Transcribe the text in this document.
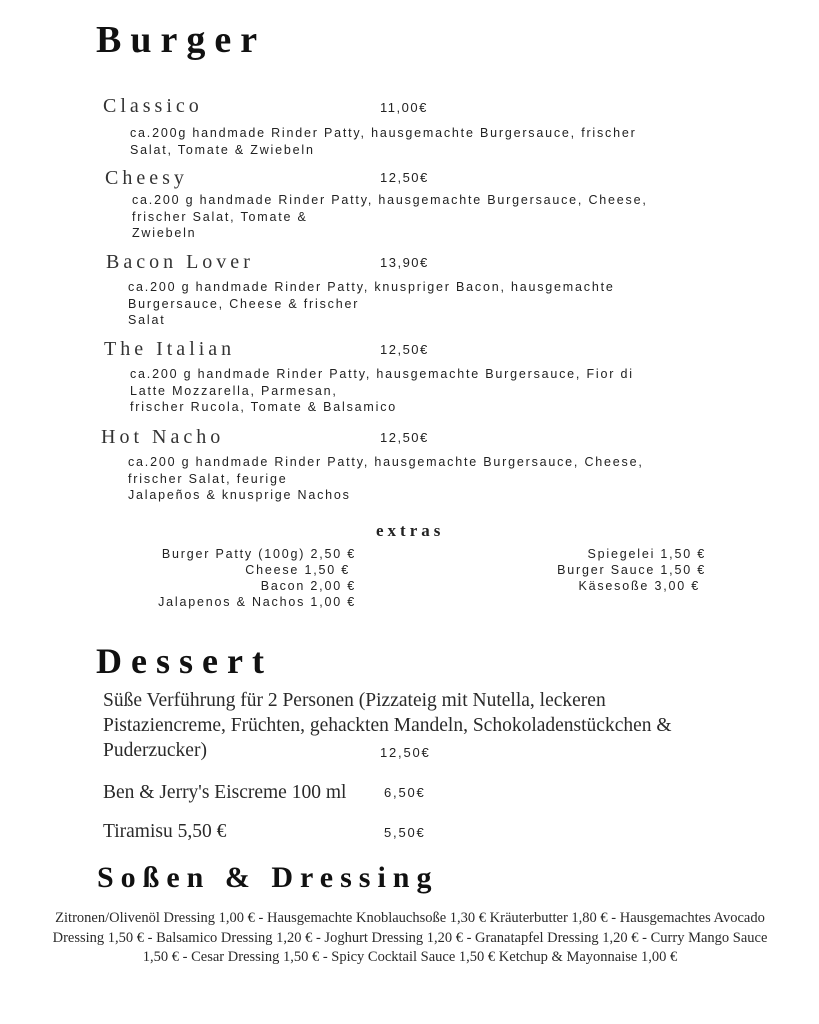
Burger
Classico	11,00€
ca.200g handmade Rinder Patty, hausgemachte Burgersauce, frischer
Salat, Tomate & Zwiebeln
Cheesy	12,50€
ca.200 g handmade Rinder Patty, hausgemachte Burgersauce, Cheese,
frischer Salat, Tomate &
Zwiebeln
Bacon Lover	13,90€
ca.200 g handmade Rinder Patty, knuspriger Bacon, hausgemachte
Burgersauce, Cheese & frischer
Salat
The Italian	12,50€
ca.200 g handmade Rinder Patty, hausgemachte Burgersauce, Fior di
Latte Mozzarella, Parmesan,
frischer Rucola, Tomate & Balsamico
Hot Nacho	12,50€
ca.200 g handmade Rinder Patty, hausgemachte Burgersauce, Cheese,
frischer Salat, feurige
Jalapeños & knusprige Nachos
extras
Burger Patty (100g) 2,50 €
Cheese 1,50 €
Bacon 2,00 €
Jalapenos & Nachos 1,00 €
Spiegelei 1,50 €
Burger Sauce 1,50 €
Käsesoße 3,00 €
Dessert
Süße Verführung für 2 Personen (Pizzateig mit Nutella, leckeren
Pistaziencreme, Früchten, gehackten Mandeln, Schokoladenstückchen &
Puderzucker)	12,50€
Ben & Jerry's Eiscreme 100 ml	6,50€
Tiramisu 5,50 €	5,50€
Soßen & Dressing
Zitronen/Olivenöl Dressing 1,00 € - Hausgemachte Knoblauchsoße 1,30 € Kräuterbutter 1,80 € - Hausgemachtes Avocado Dressing 1,50 € - Balsamico Dressing 1,20 € - Joghurt Dressing 1,20 € - Granatapfel Dressing 1,20 € - Curry Mango Sauce 1,50 € - Cesar Dressing 1,50 € - Spicy Cocktail Sauce 1,50 € Ketchup & Mayonnaise 1,00 €
